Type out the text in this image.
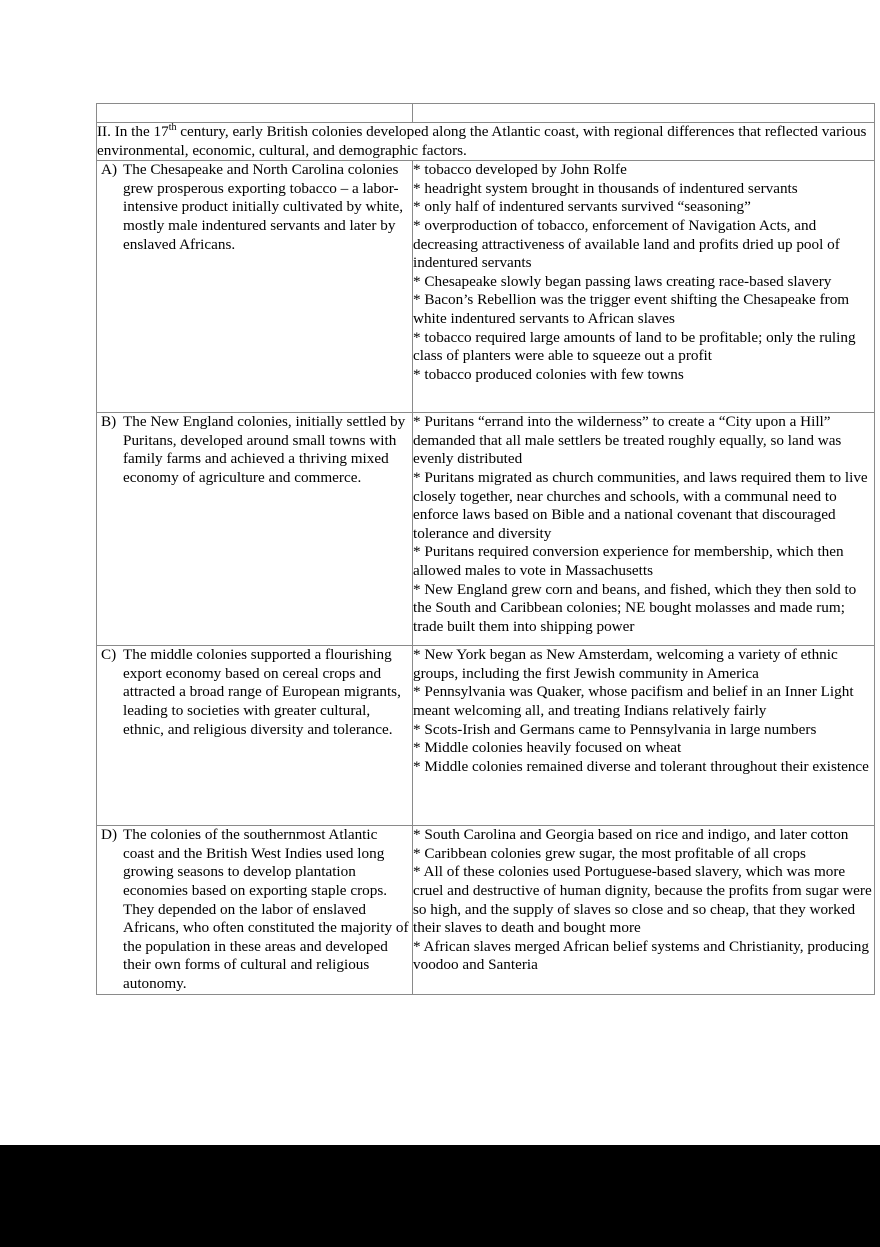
II. In the 17th century, early British colonies developed along the Atlantic coast, with regional differences that reflected various environmental, economic, cultural, and demographic factors.	

A) The Chesapeake and North Carolina colonies grew prosperous exporting tobacco – a labor-intensive product initially cultivated by white, mostly male indentured servants and later by enslaved Africans.

* tobacco developed by John Rolfe

* headright system brought in thousands of indentured servants

* only half of indentured servants survived “seasoning”

* overproduction of tobacco, enforcement of Navigation Acts, and decreasing attractiveness of available land and profits dried up pool of indentured servants

* Chesapeake slowly began passing laws creating race-based slavery

* Bacon’s Rebellion was the trigger event shifting the Chesapeake from white indentured servants to African slaves

* tobacco required large amounts of land to be profitable; only the ruling class of planters were able to squeeze out a profit

* tobacco produced colonies with few towns

B) The New England colonies, initially settled by Puritans, developed around small towns with family farms and achieved a thriving mixed economy of agriculture and commerce.

* Puritans “errand into the wilderness” to create a “City upon a Hill” demanded that all male settlers be treated roughly equally, so land was evenly distributed

* Puritans migrated as church communities, and laws required them to live closely together, near churches and schools, with a communal need to enforce laws based on Bible and a national covenant that discouraged tolerance and diversity

* Puritans required conversion experience for membership, which then allowed males to vote in Massachusetts

* New England grew corn and beans, and fished, which they then sold to the South and Caribbean colonies; NE bought molasses and made rum; trade built them into shipping power

C) The middle colonies supported a flourishing export economy based on cereal crops and attracted a broad range of European migrants, leading to societies with greater cultural, ethnic, and religious diversity and tolerance.

* New York began as New Amsterdam, welcoming a variety of ethnic groups, including the first Jewish community in America

* Pennsylvania was Quaker, whose pacifism and belief in an Inner Light meant welcoming all, and treating Indians relatively fairly

* Scots-Irish and Germans came to Pennsylvania in large numbers

* Middle colonies heavily focused on wheat

* Middle colonies remained diverse and tolerant throughout their existence

D) The colonies of the southernmost Atlantic coast and the British West Indies used long growing seasons to develop plantation economies based on exporting staple crops. They depended on the labor of enslaved Africans, who often constituted the majority of the population in these areas and developed their own forms of cultural and religious autonomy.

* South Carolina and Georgia based on rice and indigo, and later cotton

* Caribbean colonies grew sugar, the most profitable of all crops

* All of these colonies used Portuguese-based slavery, which was more cruel and destructive of human dignity, because the profits from sugar were so high, and the supply of slaves so close and so cheap, that they worked their slaves to death and bought more

* African slaves merged African belief systems and Christianity, producing voodoo and Santeria
